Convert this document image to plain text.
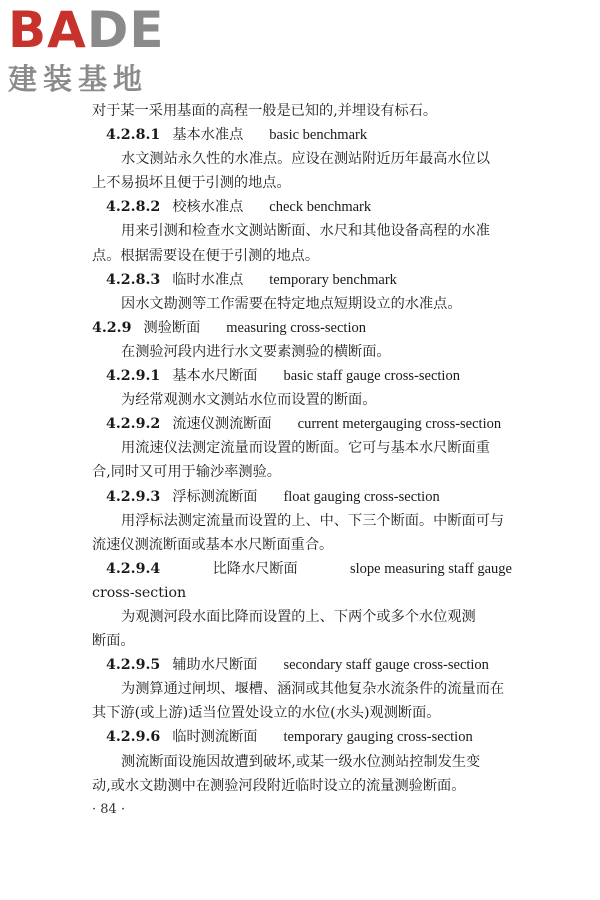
BADE
建装基地
对于某一采用基面的高程一般是已知的,并埋设有标石。
4.2.8.1 基本水准点 basic benchmark
水文测站永久性的水准点。应设在测站附近历年最高水位以
上不易损坏且便于引测的地点。
4.2.8.2 校核水准点 check benchmark
用来引测和检查水文测站断面、水尺和其他设备高程的水准
点。根据需要设在便于引测的地点。
4.2.8.3 临时水准点 temporary benchmark
因水文勘测等工作需要在特定地点短期设立的水准点。
4.2.9 测验断面 measuring cross-section
在测验河段内进行水文要素测验的横断面。
4.2.9.1 基本水尺断面 basic staff gauge cross-section
为经常观测水文测站水位而设置的断面。
4.2.9.2 流速仪测流断面 current metergauging cross-section
用流速仪法测定流量而设置的断面。它可与基本水尺断面重
合,同时又可用于输沙率测验。
4.2.9.3 浮标测流断面 float gauging cross-section
用浮标法测定流量而设置的上、中、下三个断面。中断面可与
流速仪测流断面或基本水尺断面重合。
4.2.9.4	比降水尺断面	slope measuring staff gauge
cross-section
为观测河段水面比降而设置的上、下两个或多个水位观测
断面。
4.2.9.5 辅助水尺断面 secondary staff gauge cross-section
为测算通过闸坝、堰槽、涵洞或其他复杂水流条件的流量而在
其下游(或上游)适当位置处设立的水位(水头)观测断面。
4.2.9.6 临时测流断面 temporary gauging cross-section
测流断面设施因故遭到破坏,或某一级水位测站控制发生变
动,或水文勘测中在测验河段附近临时设立的流量测验断面。
· 84 ·
